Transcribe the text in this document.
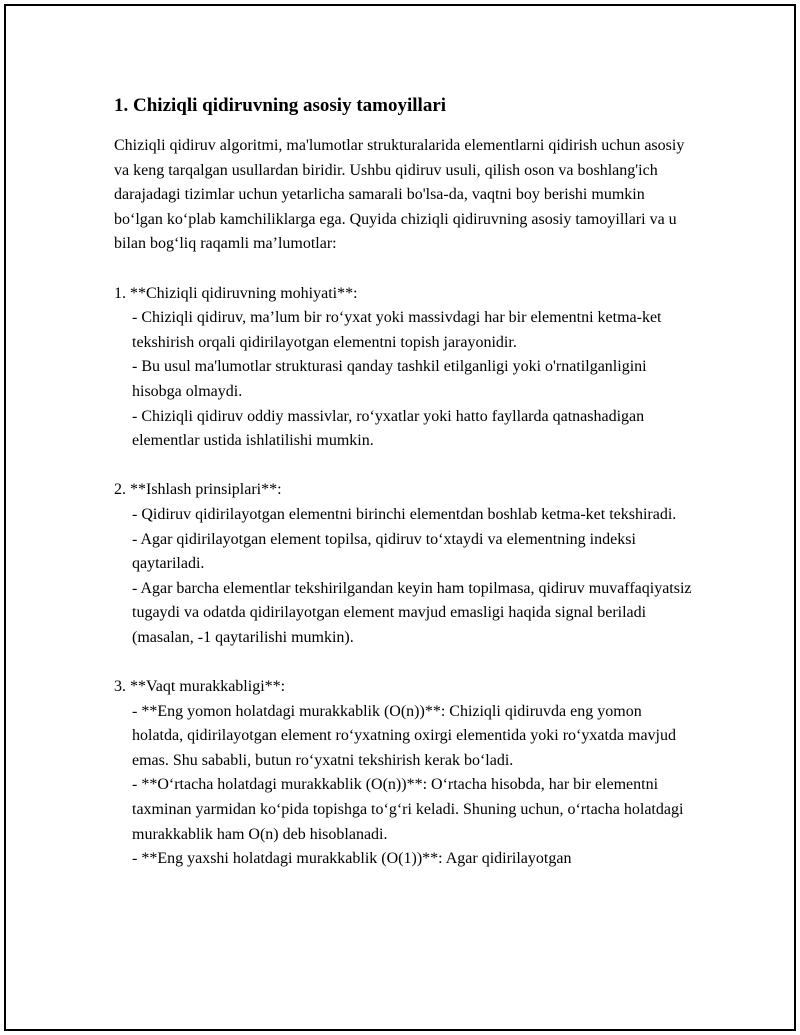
1. Chiziqli qidiruvning asosiy tamoyillari

Chiziqli qidiruv algoritmi, ma'lumotlar strukturalarida elementlarni qidirish uchun asosiy va keng tarqalgan usullardan biridir. Ushbu qidiruv usuli, qilish oson va boshlang'ich darajadagi tizimlar uchun yetarlicha samarali bo'lsa-da, vaqtni boy berishi mumkin bo‘lgan ko‘plab kamchiliklarga ega. Quyida chiziqli qidiruvning asosiy tamoyillari va u bilan bog‘liq raqamli ma’lumotlar:

1. **Chiziqli qidiruvning mohiyati**:

- Chiziqli qidiruv, ma’lum bir ro‘yxat yoki massivdagi har bir elementni ketma-ket tekshirish orqali qidirilayotgan elementni topish jarayonidir.

- Bu usul ma'lumotlar strukturasi qanday tashkil etilganligi yoki o'rnatilganligini hisobga olmaydi.

- Chiziqli qidiruv oddiy massivlar, ro‘yxatlar yoki hatto fayllarda qatnashadigan elementlar ustida ishlatilishi mumkin.

2. **Ishlash prinsiplari**:

- Qidiruv qidirilayotgan elementni birinchi elementdan boshlab ketma-ket tekshiradi.

- Agar qidirilayotgan element topilsa, qidiruv to‘xtaydi va elementning indeksi qaytariladi.

- Agar barcha elementlar tekshirilgandan keyin ham topilmasa, qidiruv muvaffaqiyatsiz tugaydi va odatda qidirilayotgan element mavjud emasligi haqida signal beriladi (masalan, -1 qaytarilishi mumkin).

3. **Vaqt murakkabligi**:

- **Eng yomon holatdagi murakkablik (O(n))**: Chiziqli qidiruvda eng yomon holatda, qidirilayotgan element ro‘yxatning oxirgi elementida yoki ro‘yxatda mavjud emas. Shu sababli, butun ro‘yxatni tekshirish kerak bo‘ladi.

- **O‘rtacha holatdagi murakkablik (O(n))**: O‘rtacha hisobda, har bir elementni taxminan yarmidan ko‘pida topishga to‘g‘ri keladi. Shuning uchun, o‘rtacha holatdagi murakkablik ham O(n) deb hisoblanadi.

- **Eng yaxshi holatdagi murakkablik (O(1))**: Agar qidirilayotgan
